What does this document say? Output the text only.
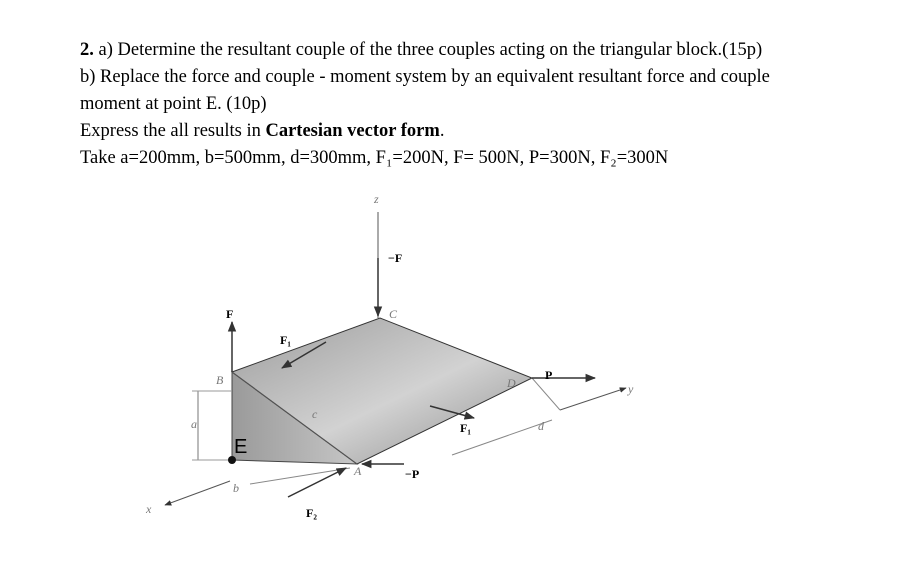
2. a) Determine the resultant couple of the three couples acting on the triangular block.(15p)

b) Replace the force and couple - moment system by an equivalent resultant force and couple

moment at point E. (10p)

Express the all results in Cartesian vector form.

Take a=200mm, b=500mm, d=300mm, F₁=200N, F= 500N, P=300N, F₂=300N

z
−F
C
F
F₁
B	D
P
y
a
c
F₁	d
E
A	−P
b
x	F₂
